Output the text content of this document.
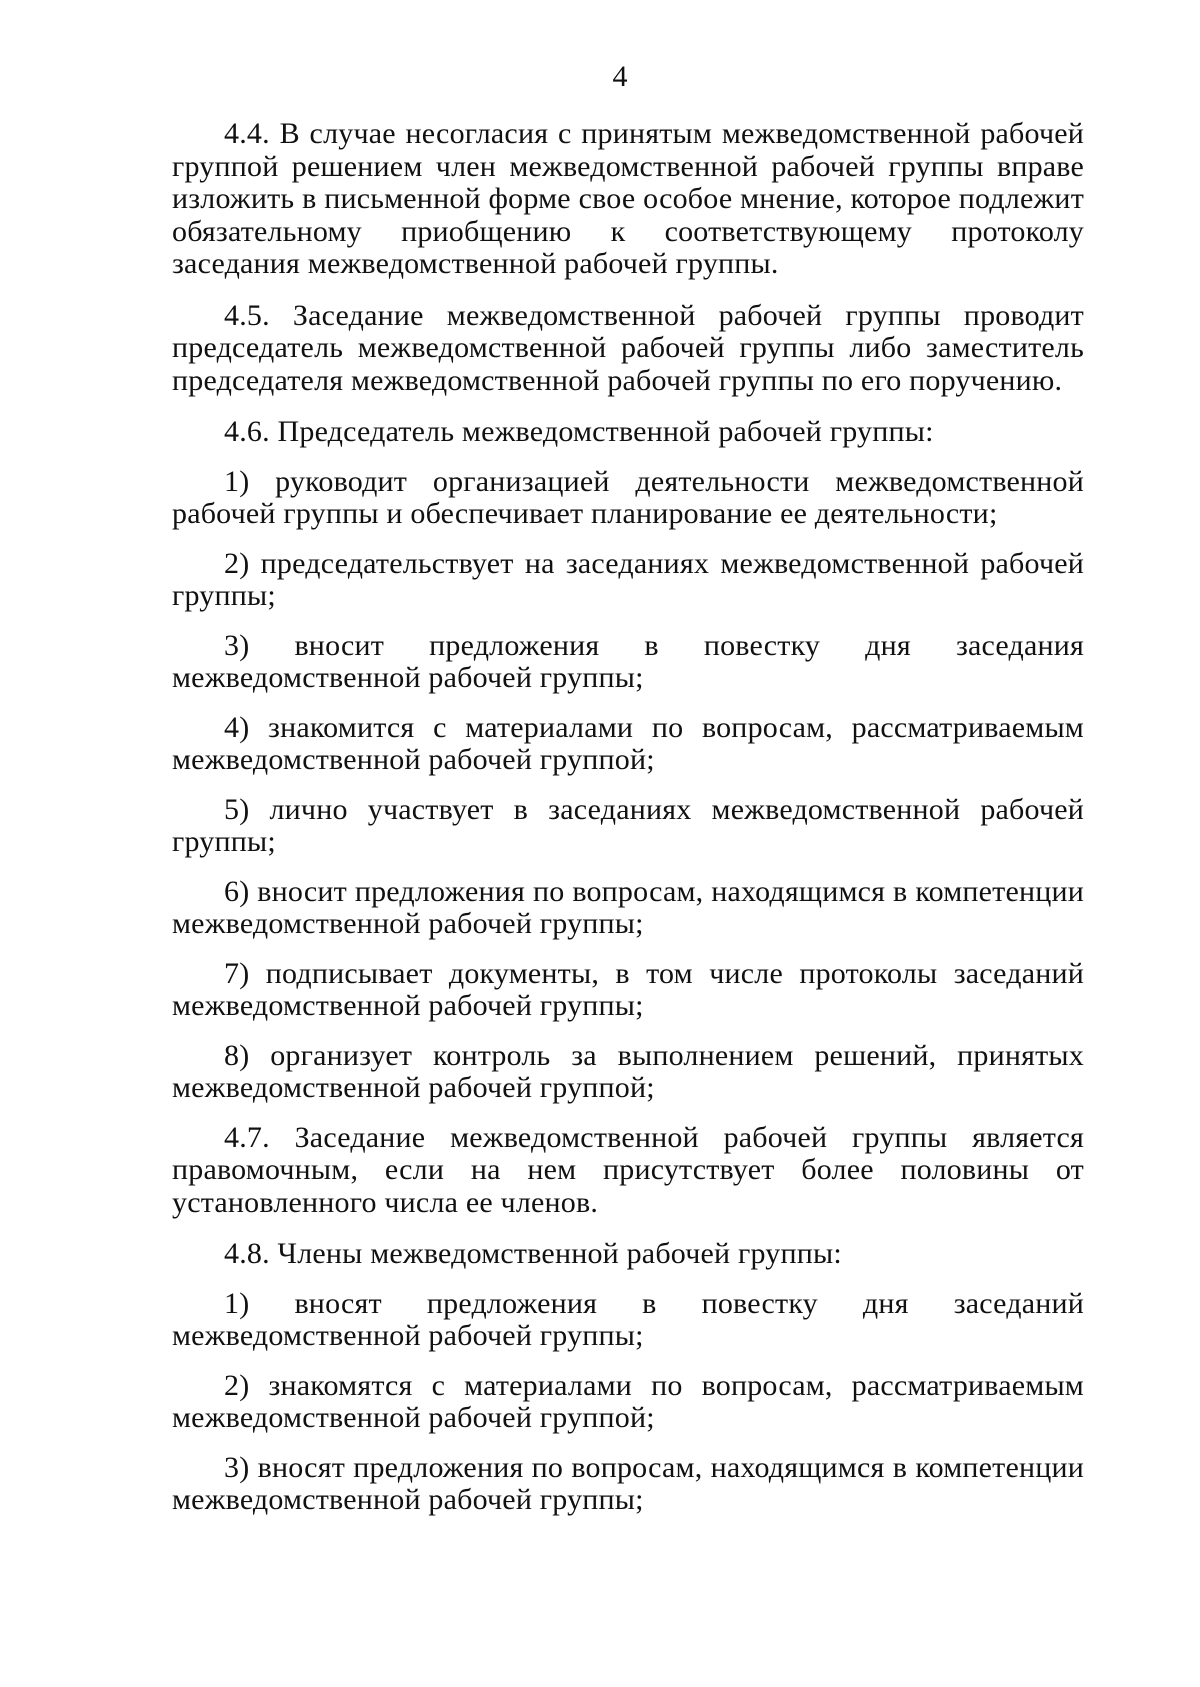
4

4.4. В случае несогласия с принятым межведомственной рабочей группой решением член межведомственной рабочей группы вправе изложить в письменной форме свое особое мнение, которое подлежит обязательному приобщению к соответствующему протоколу заседания межведомственной рабочей группы.

4.5. Заседание межведомственной рабочей группы проводит председатель межведомственной рабочей группы либо заместитель председателя межведомственной рабочей группы по его поручению.

4.6. Председатель межведомственной рабочей группы:

1) руководит организацией деятельности межведомственной рабочей группы и обеспечивает планирование ее деятельности;

2) председательствует на заседаниях межведомственной рабочей группы;

3) вносит предложения в повестку дня заседания межведомственной рабочей группы;

4) знакомится с материалами по вопросам, рассматриваемым межведомственной рабочей группой;

5) лично участвует в заседаниях межведомственной рабочей группы;

6) вносит предложения по вопросам, находящимся в компетенции межведомственной рабочей группы;

7) подписывает документы, в том числе протоколы заседаний межведомственной рабочей группы;

8) организует контроль за выполнением решений, принятых межведомственной рабочей группой;

4.7. Заседание межведомственной рабочей группы является правомочным, если на нем присутствует более половины от установленного числа ее членов.

4.8. Члены межведомственной рабочей группы:

1) вносят предложения в повестку дня заседаний межведомственной рабочей группы;

2) знакомятся с материалами по вопросам, рассматриваемым межведомственной рабочей группой;

3) вносят предложения по вопросам, находящимся в компетенции межведомственной рабочей группы;
